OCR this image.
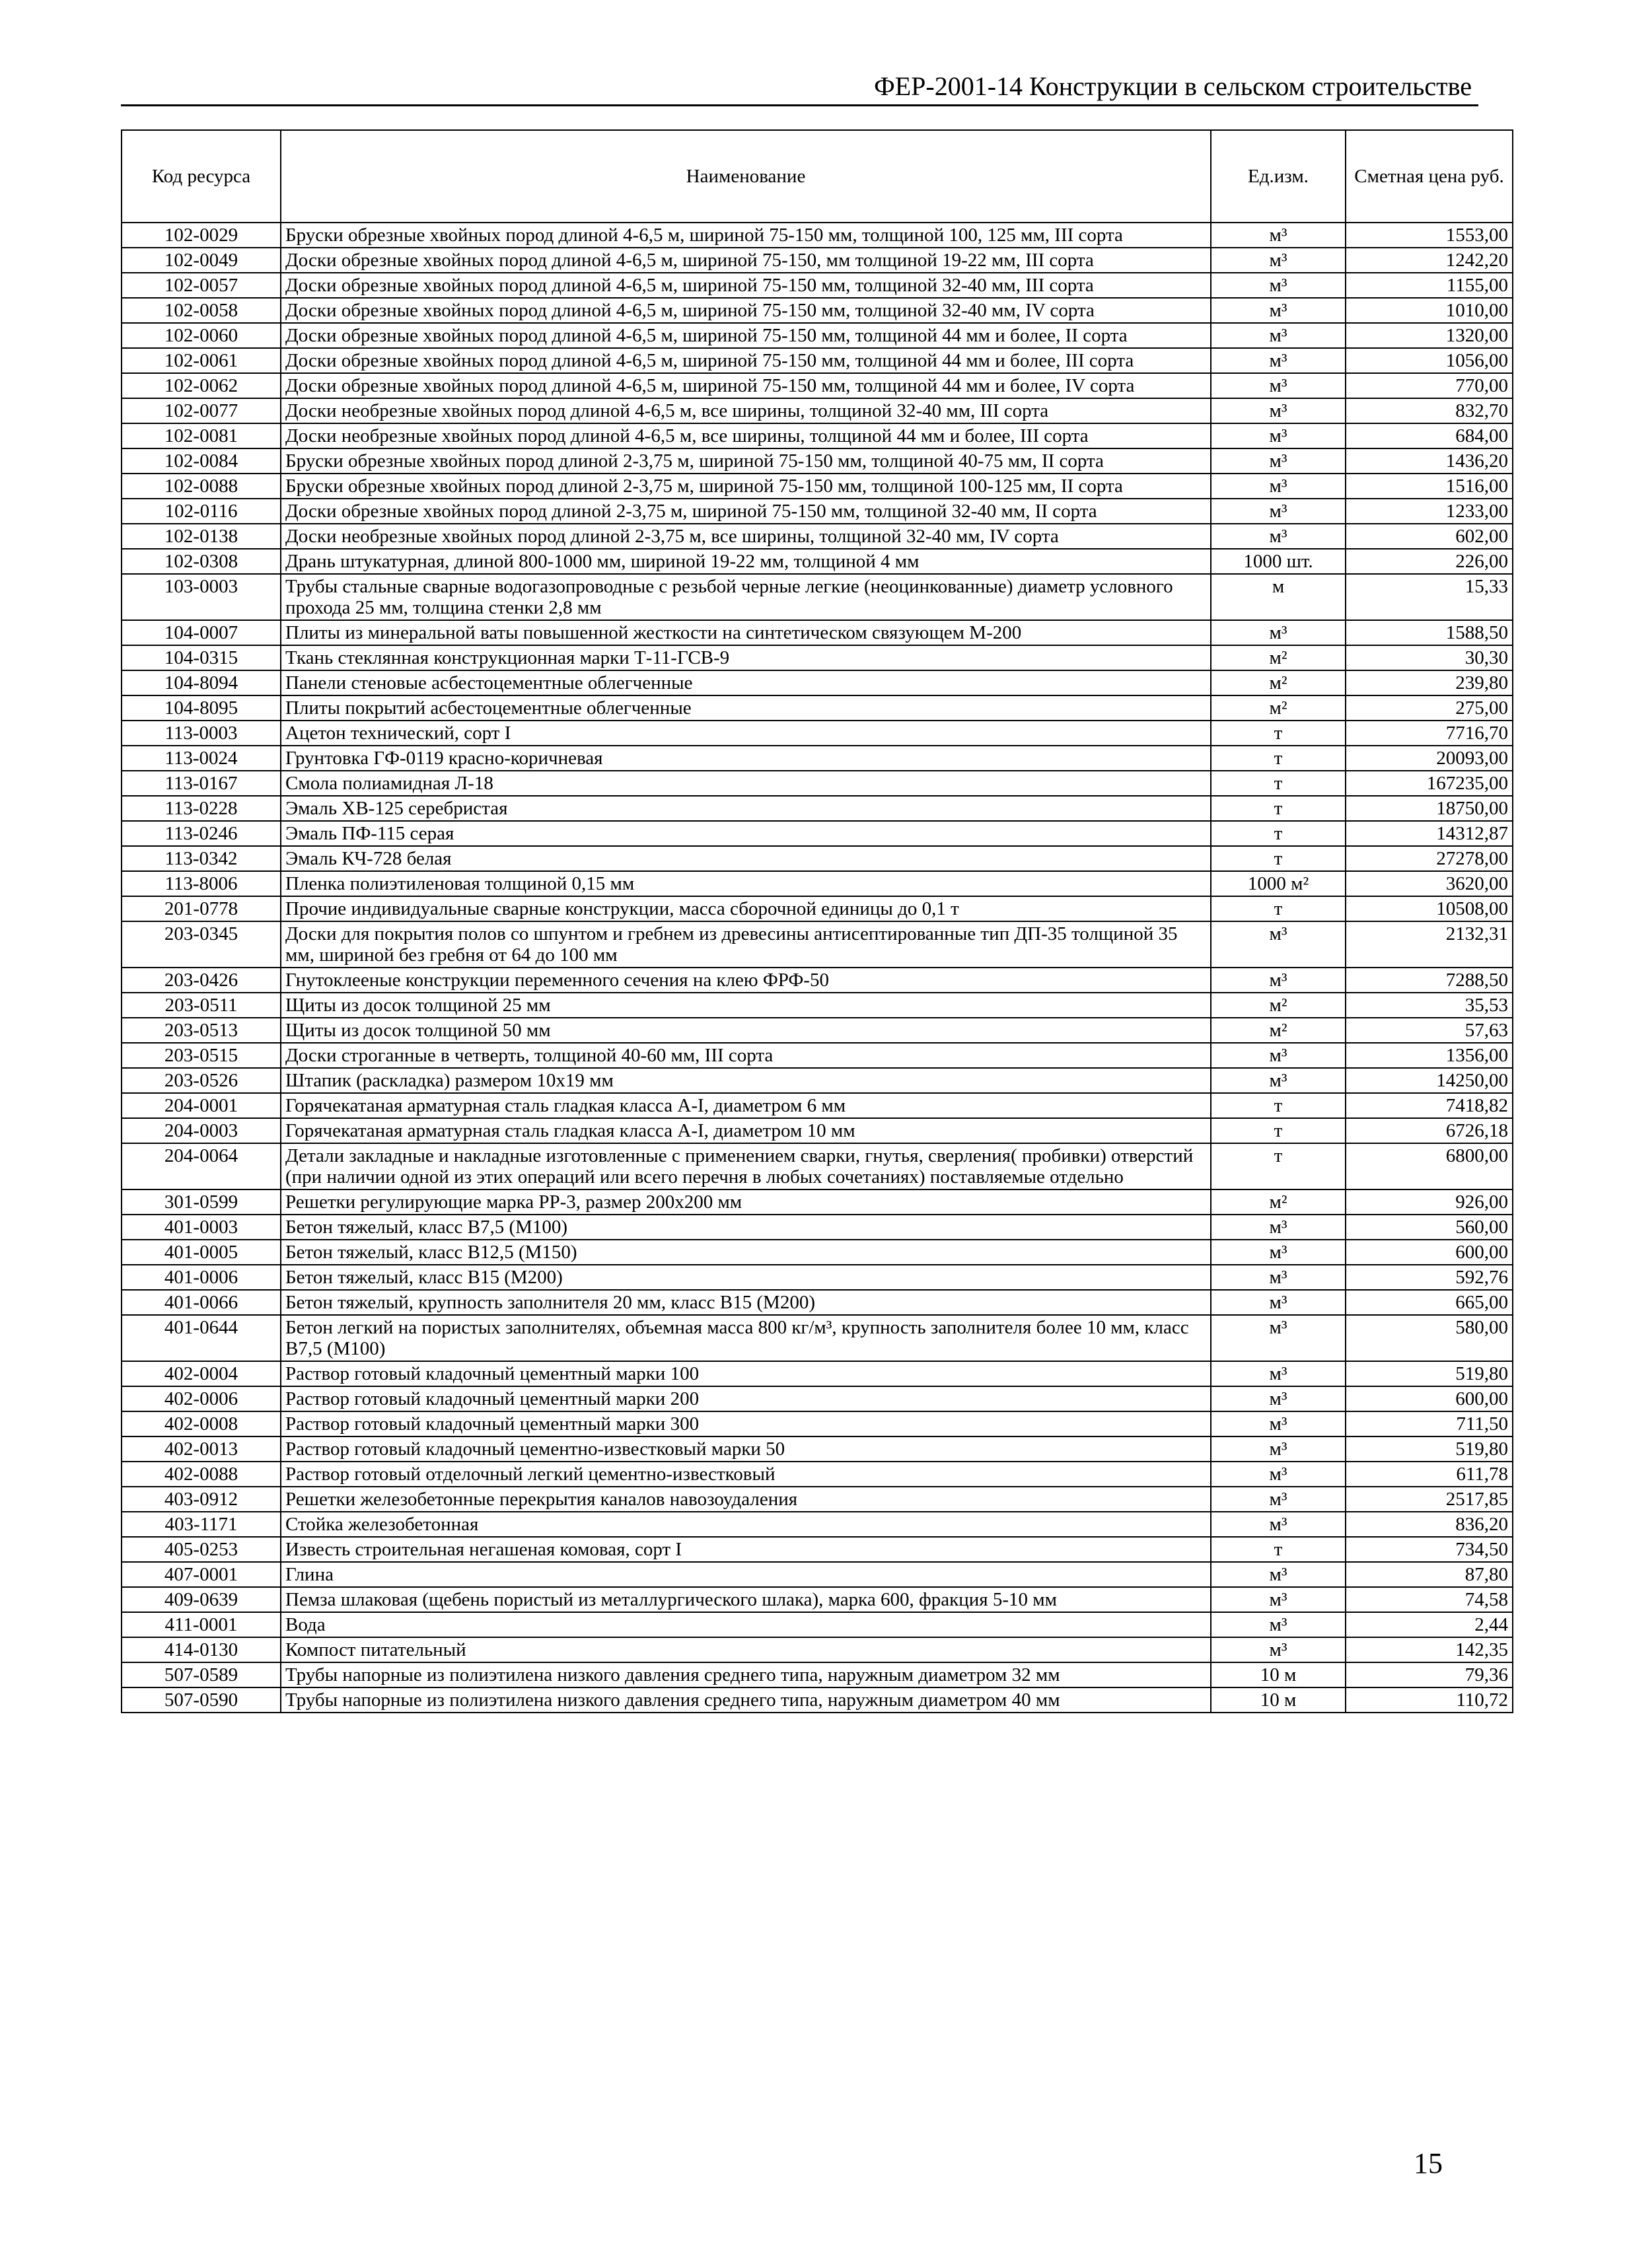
ФЕР-2001-14 Конструкции в сельском строительстве
Код ресурса	Наименование	Ед.изм.	Сметная цена руб.
102-0029	Бруски обрезные хвойных пород длиной 4-6,5 м, шириной 75-150 мм, толщиной 100, 125 мм, III сорта	м³	1553,00
102-0049	Доски обрезные хвойных пород длиной 4-6,5 м, шириной 75-150, мм толщиной 19-22 мм, III сорта	м³	1242,20
102-0057	Доски обрезные хвойных пород длиной 4-6,5 м, шириной 75-150 мм, толщиной 32-40 мм, III сорта	м³	1155,00
102-0058	Доски обрезные хвойных пород длиной 4-6,5 м, шириной 75-150 мм, толщиной 32-40 мм, IV сорта	м³	1010,00
102-0060	Доски обрезные хвойных пород длиной 4-6,5 м, шириной 75-150 мм, толщиной 44 мм и более, II сорта	м³	1320,00
102-0061	Доски обрезные хвойных пород длиной 4-6,5 м, шириной 75-150 мм, толщиной 44 мм и более, III сорта	м³	1056,00
102-0062	Доски обрезные хвойных пород длиной 4-6,5 м, шириной 75-150 мм, толщиной 44 мм и более, IV сорта	м³	770,00
102-0077	Доски необрезные хвойных пород длиной 4-6,5 м, все ширины, толщиной 32-40 мм, III сорта	м³	832,70
102-0081	Доски необрезные хвойных пород длиной 4-6,5 м, все ширины, толщиной 44 мм и более, III сорта	м³	684,00
102-0084	Бруски обрезные хвойных пород длиной 2-3,75 м, шириной 75-150 мм, толщиной 40-75 мм, II сорта	м³	1436,20
102-0088	Бруски обрезные хвойных пород длиной 2-3,75 м, шириной 75-150 мм, толщиной 100-125 мм, II сорта	м³	1516,00
102-0116	Доски обрезные хвойных пород длиной 2-3,75 м, шириной 75-150 мм, толщиной 32-40 мм, II сорта	м³	1233,00
102-0138	Доски необрезные хвойных пород длиной 2-3,75 м, все ширины, толщиной 32-40 мм, IV сорта	м³	602,00
102-0308	Дрань штукатурная, длиной 800-1000 мм, шириной 19-22 мм, толщиной 4 мм	1000 шт.	226,00
103-0003	Трубы стальные сварные водогазопроводные с резьбой черные легкие (неоцинкованные) диаметр условного прохода 25 мм, толщина стенки 2,8 мм	м	15,33
104-0007	Плиты из минеральной ваты повышенной жесткости на синтетическом связующем М-200	м³	1588,50
104-0315	Ткань стеклянная конструкционная марки Т-11-ГСВ-9	м²	30,30
104-8094	Панели стеновые асбестоцементные облегченные	м²	239,80
104-8095	Плиты покрытий асбестоцементные облегченные	м²	275,00
113-0003	Ацетон технический, сорт I	т	7716,70
113-0024	Грунтовка ГФ-0119 красно-коричневая	т	20093,00
113-0167	Смола полиамидная Л-18	т	167235,00
113-0228	Эмаль ХВ-125 серебристая	т	18750,00
113-0246	Эмаль ПФ-115 серая	т	14312,87
113-0342	Эмаль КЧ-728 белая	т	27278,00
113-8006	Пленка полиэтиленовая толщиной 0,15 мм	1000 м²	3620,00
201-0778	Прочие индивидуальные сварные конструкции, масса сборочной единицы до 0,1 т	т	10508,00
203-0345	Доски для покрытия полов со шпунтом и гребнем из древесины антисептированные тип ДП-35 толщиной 35 мм, шириной без гребня от 64 до 100 мм	м³	2132,31
203-0426	Гнутоклееные конструкции переменного сечения на клею ФРФ-50	м³	7288,50
203-0511	Щиты из досок толщиной 25 мм	м²	35,53
203-0513	Щиты из досок толщиной 50 мм	м²	57,63
203-0515	Доски строганные в четверть, толщиной 40-60 мм, III сорта	м³	1356,00
203-0526	Штапик (раскладка) размером 10х19 мм	м³	14250,00
204-0001	Горячекатаная арматурная сталь гладкая класса А-I, диаметром 6 мм	т	7418,82
204-0003	Горячекатаная арматурная сталь гладкая класса А-I, диаметром 10 мм	т	6726,18
204-0064	Детали закладные и накладные изготовленные с применением сварки, гнутья, сверления( пробивки) отверстий (при наличии одной из этих операций или всего перечня в любых сочетаниях) поставляемые отдельно	т	6800,00
301-0599	Решетки регулирующие марка РР-3, размер 200х200 мм	м²	926,00
401-0003	Бетон тяжелый, класс В7,5 (М100)	м³	560,00
401-0005	Бетон тяжелый, класс В12,5 (М150)	м³	600,00
401-0006	Бетон тяжелый, класс В15 (М200)	м³	592,76
401-0066	Бетон тяжелый, крупность заполнителя 20 мм, класс В15 (М200)	м³	665,00
401-0644	Бетон легкий на пористых заполнителях, объемная масса 800 кг/м³, крупность заполнителя более 10 мм, класс В7,5 (М100)	м³	580,00
402-0004	Раствор готовый кладочный цементный марки 100	м³	519,80
402-0006	Раствор готовый кладочный цементный марки 200	м³	600,00
402-0008	Раствор готовый кладочный цементный марки 300	м³	711,50
402-0013	Раствор готовый кладочный цементно-известковый марки 50	м³	519,80
402-0088	Раствор готовый отделочный легкий цементно-известковый	м³	611,78
403-0912	Решетки железобетонные перекрытия каналов навозоудаления	м³	2517,85
403-1171	Стойка железобетонная	м³	836,20
405-0253	Известь строительная негашеная комовая, сорт I	т	734,50
407-0001	Глина	м³	87,80
409-0639	Пемза шлаковая (щебень пористый из металлургического шлака), марка 600, фракция 5-10 мм	м³	74,58
411-0001	Вода	м³	2,44
414-0130	Компост питательный	м³	142,35
507-0589	Трубы напорные из полиэтилена низкого давления среднего типа, наружным диаметром 32 мм	10 м	79,36
507-0590	Трубы напорные из полиэтилена низкого давления среднего типа, наружным диаметром 40 мм	10 м	110,72
15
